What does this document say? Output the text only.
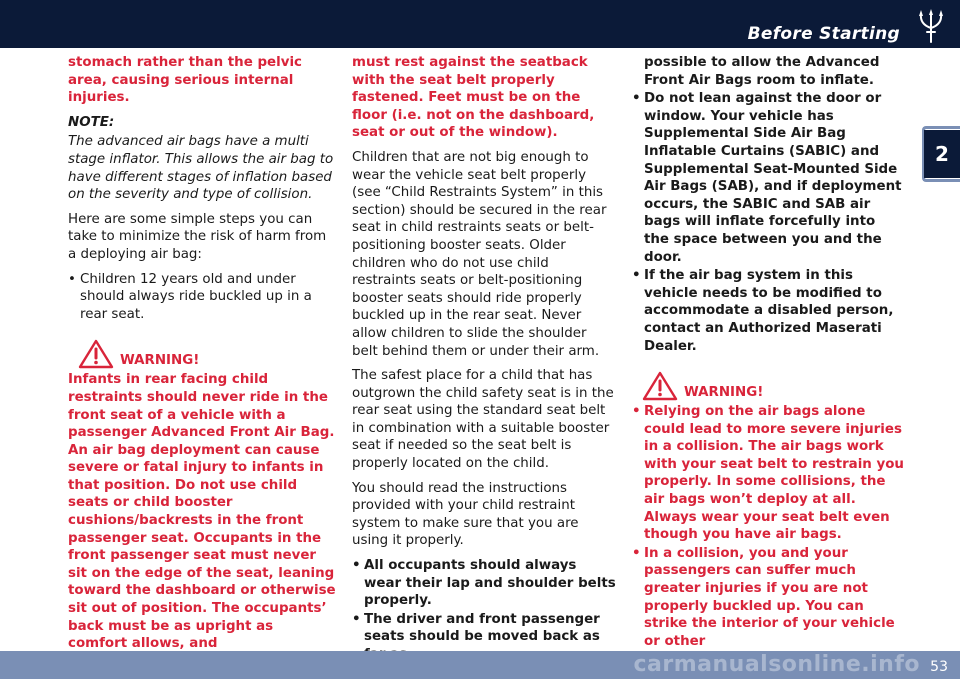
Before Starting
2

stomach rather than the pelvic area, causing serious internal injuries.

NOTE:

The advanced air bags have a multi stage inflator. This allows the air bag to have different stages of inflation based on the severity and type of collision.

Here are some simple steps you can take to minimize the risk of harm from a deploying air bag:

• Children 12 years old and under should always ride buckled up in a rear seat.
WARNING!

Infants in rear facing child restraints should never ride in the front seat of a vehicle with a passenger Advanced Front Air Bag. An air bag deployment can cause severe or fatal injury to infants in that position. Do not use child seats or child booster cushions/backrests in the front passenger seat. Occupants in the front passenger seat must never sit on the edge of the seat, leaning toward the dashboard or otherwise sit out of position. The occupants’ back must be as upright as comfort allows, and

must rest against the seatback with the seat belt properly fastened. Feet must be on the floor (i.e. not on the dashboard, seat or out of the window).

Children that are not big enough to wear the vehicle seat belt properly (see “Child Restraints System” in this section) should be secured in the rear seat in child restraints seats or belt-positioning booster seats. Older children who do not use child restraints seats or belt-positioning booster seats should ride properly buckled up in the rear seat. Never allow children to slide the shoulder belt behind them or under their arm.

The safest place for a child that has outgrown the child safety seat is in the rear seat using the standard seat belt in combination with a suitable booster seat if needed so the seat belt is properly located on the child.

You should read the instructions provided with your child restraint system to make sure that you are using it properly.

• All occupants should always wear their lap and shoulder belts properly.
• The driver and front passenger seats should be moved back as

possible to allow the Advanced Front Air Bags room to inflate.

• Do not lean against the door or window. Your vehicle has Supplemental Side Air Bag Inflatable Curtains (SABIC) and Supplemental Seat-Mounted Side Air Bags (SAB), and if deployment occurs, the SABIC and SAB air bags will inflate forcefully into the space between you and the door.
• If the air bag system in this vehicle needs to be modified to accommodate a disabled person, contact an Authorized Maserati Dealer.
WARNING!
• Relying on the air bags alone could lead to more severe injuries in a collision. The air bags work with your seat belt to restrain you properly. In some collisions, the air bags won’t deploy at all. Always wear your seat belt even though you have air bags.
• In a collision, you and your passengers can suffer much greater injuries if you are not properly buckled up. You can strike the interior of your vehicle or other
carmanualsonline.info 53
